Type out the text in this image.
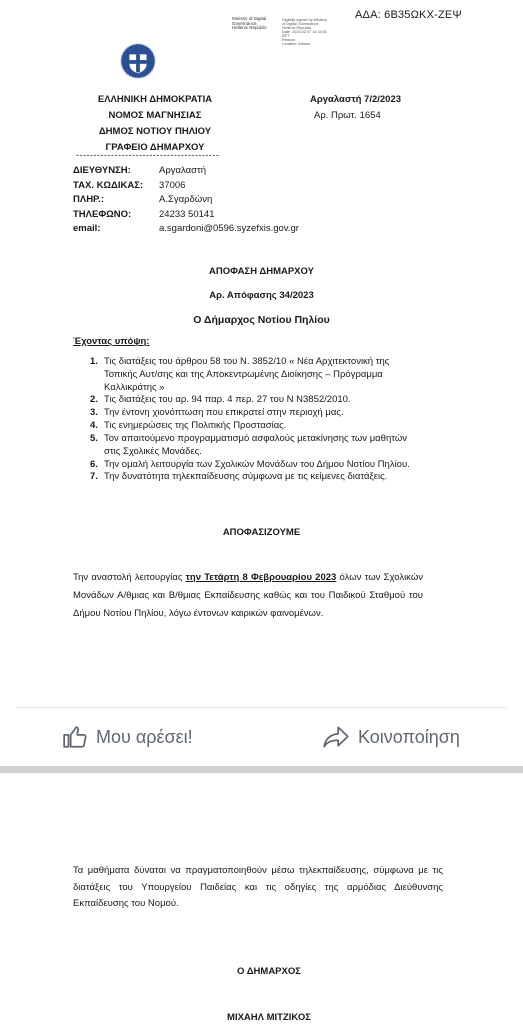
Ministry of Digital
Governance,
Hellenic Republic
Digitally signed by Ministry
of Digital Governance,
Hellenic Republic
Date: 2023.02.07 14:34:51
EET
Reason:
Location: Athens
ΑΔΑ: 6Β35ΩΚΧ-ΖΕΨ
ΕΛΛΗΝΙΚΗ ΔΗΜΟΚΡΑΤΙΑ
ΝΟΜΟΣ ΜΑΓΝΗΣΙΑΣ
ΔΗΜΟΣ ΝΟΤΙΟΥ ΠΗΛΙΟΥ
ΓΡΑΦΕΙΟ ΔΗΜΑΡΧΟΥ
Αργαλαστή 7/2/2023
Αρ. Πρωτ. 1654
-----------------------------------------
ΔΙΕΥΘΥΝΣΗ:	Αργαλαστή
ΤΑΧ. ΚΩΔΙΚΑΣ: 37006
ΠΛΗΡ.:	Α.Σγαρδώνη
ΤΗΛΕΦΩΝΟ:	24233 50141
email:	a.sgardoni@0596.syzefxis.gov.gr
ΑΠΟΦΑΣΗ ΔΗΜΑΡΧΟΥ
Αρ. Απόφασης 34/2023
Ο Δήμαρχος Νοτίου Πηλίου
Έχοντας υπόψη:
1. Τις διατάξεις του άρθρου 58 του Ν. 3852/10 « Νέα Αρχιτεκτονική της Τοπικής Αυτ/σης και της Αποκεντρωμένης Διοίκησης – Πρόγραμμα Καλλικράτης »
2. Τις διατάξεις του αρ. 94 παρ. 4 περ. 27 του Ν N3852/2010.
3. Την έντονη χιονόπτωση που επικρατεί στην περιοχή μας.
4. Τις ενημερώσεις της Πολιτικής Προστασίας.
5. Τον απαιτούμενο προγραμματισμό ασφαλούς μετακίνησης των μαθητών στις Σχολικές Μονάδες.
6. Την ομαλή λειτουργία των Σχολικών Μονάδων του Δήμου Νοτίου Πηλίου.
7. Την δυνατότητα τηλεκπαίδευσης σύμφωνα με τις κείμενες διατάξεις.
ΑΠΟΦΑΣΙΖΟΥΜΕ
Την αναστολή λειτουργίας την Τετάρτη 8 Φεβρουαρίου 2023 όλων των Σχολικών Μονάδων Α/θμιας και Β/θμιας Εκπαίδευσης καθώς και του Παιδικού Σταθμού του Δήμου Νοτίου Πηλίου, λόγω έντονων καιρικών φαινομένων.
Μου αρέσει!	Κοινοποίηση
Τα μαθήματα δύναται να πραγματοποιηθούν μέσω τηλεκπαίδευσης, σύμφωνα με τις διατάξεις του Υπουργείου Παιδείας και τις οδηγίες της αρμόδιας Διεύθυνσης Εκπαίδευσης του Νομού.
Ο ΔΗΜΑΡΧΟΣ
ΜΙΧΑΗΛ ΜΙΤΖΙΚΟΣ
